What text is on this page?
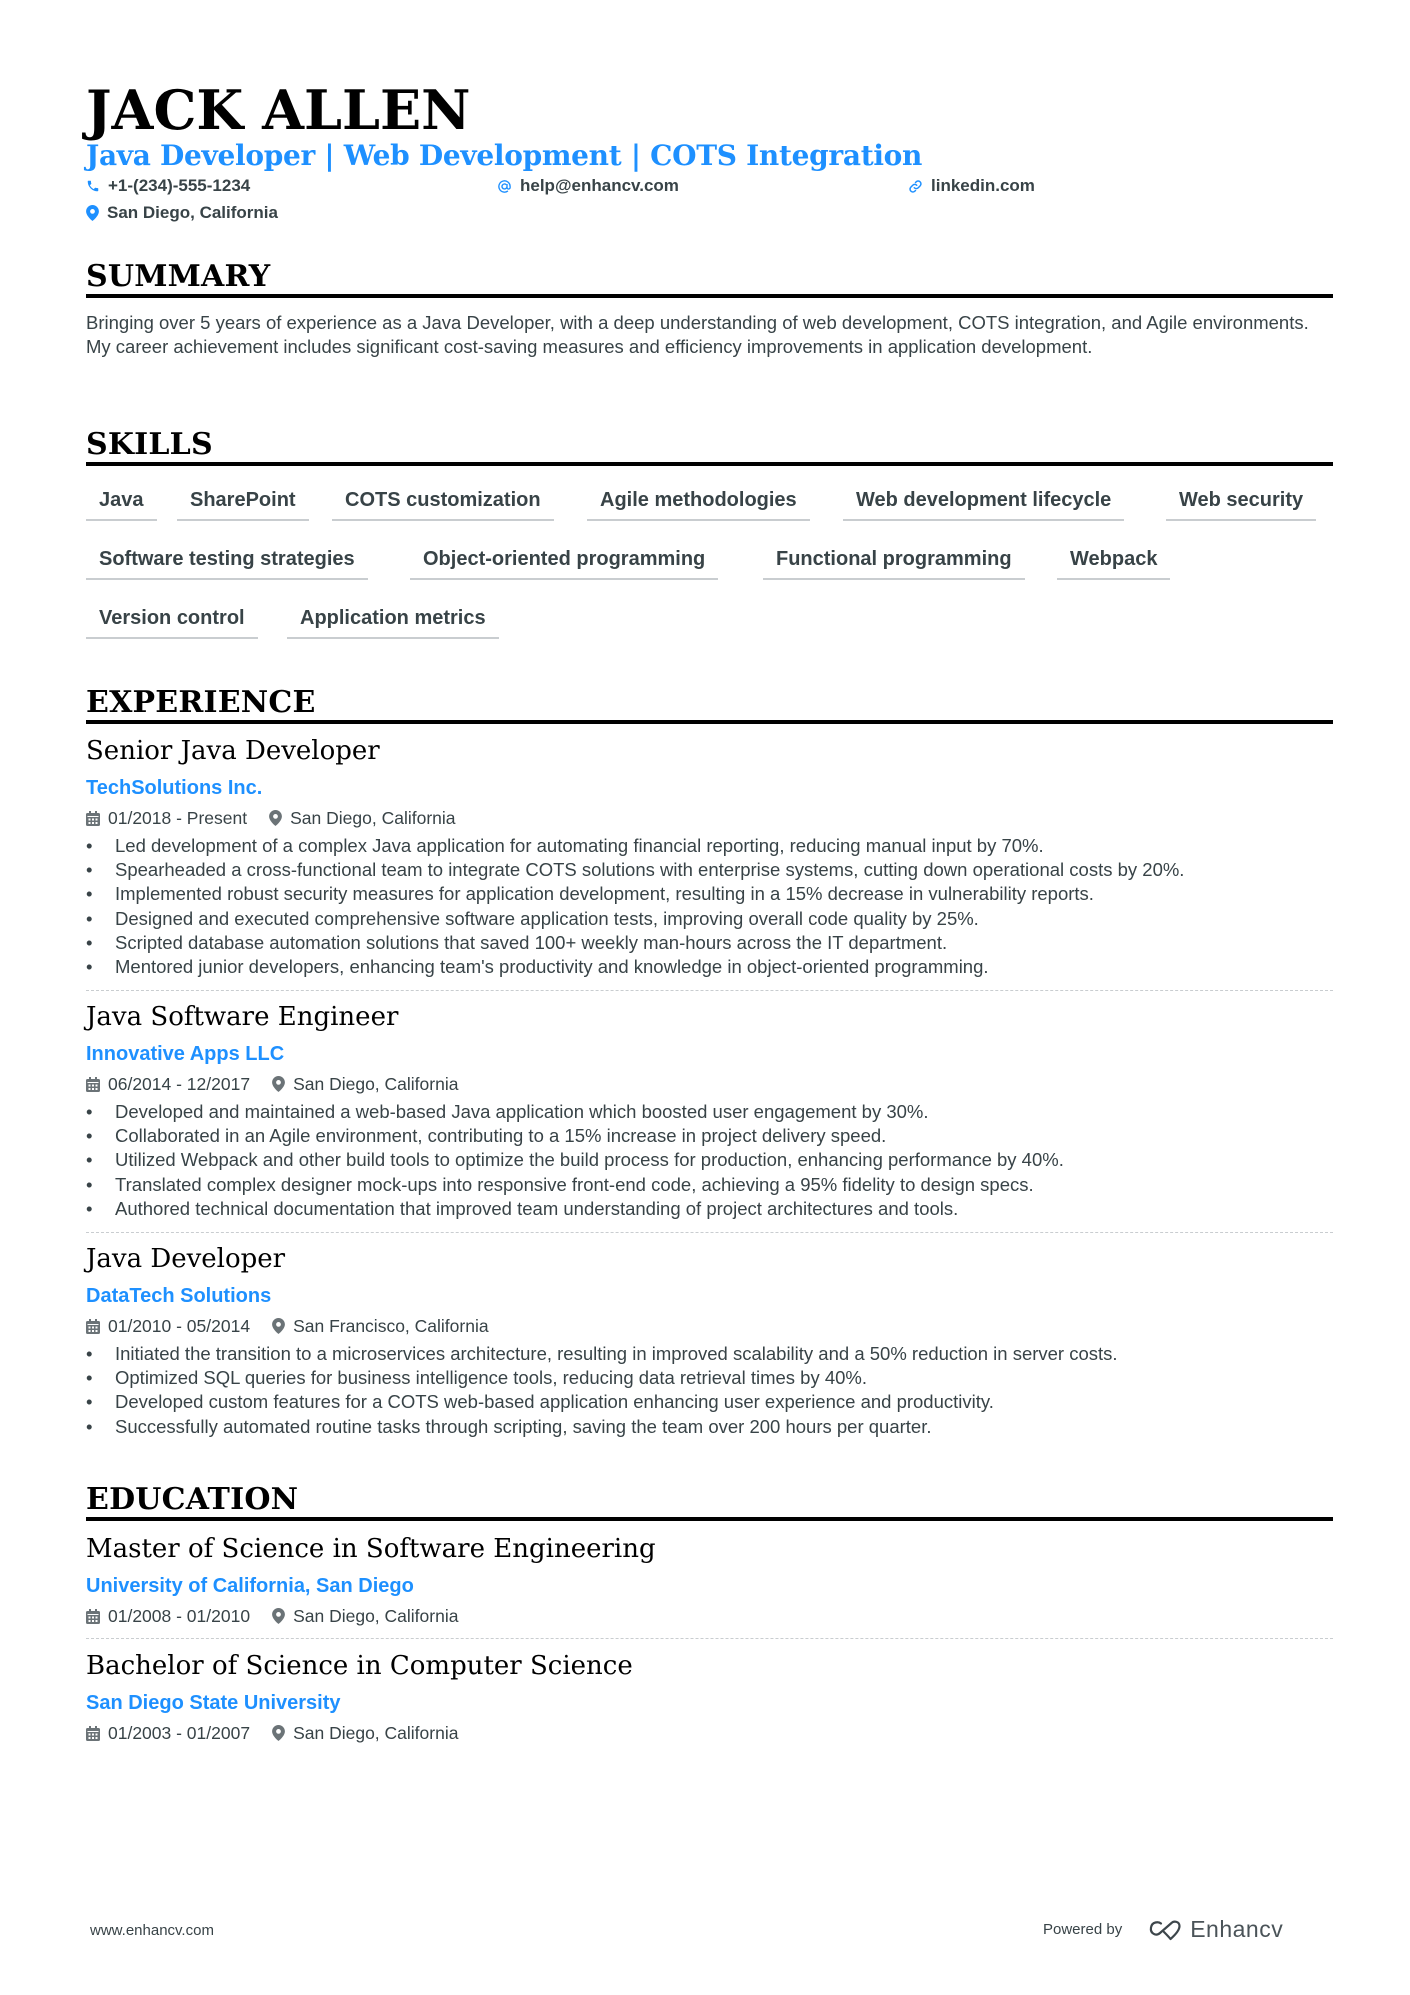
JACK ALLEN
Java Developer | Web Development | COTS Integration
+1-(234)-555-1234	help@enhancv.com	linkedin.com
San Diego, California
SUMMARY
Bringing over 5 years of experience as a Java Developer, with a deep understanding of web development, COTS integration, and Agile environments. My career achievement includes significant cost-saving measures and efficiency improvements in application development.
SKILLS
Java	SharePoint	COTS customization	Agile methodologies	Web development lifecycle	Web security
Software testing strategies	Object-oriented programming	Functional programming	Webpack
Version control	Application metrics
EXPERIENCE
Senior Java Developer
TechSolutions Inc.
01/2018 - Present San Diego, California
• Led development of a complex Java application for automating financial reporting, reducing manual input by 70%.
• Spearheaded a cross-functional team to integrate COTS solutions with enterprise systems, cutting down operational costs by 20%.
• Implemented robust security measures for application development, resulting in a 15% decrease in vulnerability reports.
• Designed and executed comprehensive software application tests, improving overall code quality by 25%.
• Scripted database automation solutions that saved 100+ weekly man-hours across the IT department.
• Mentored junior developers, enhancing team's productivity and knowledge in object-oriented programming.
Java Software Engineer
Innovative Apps LLC
06/2014 - 12/2017 San Diego, California
• Developed and maintained a web-based Java application which boosted user engagement by 30%.
• Collaborated in an Agile environment, contributing to a 15% increase in project delivery speed.
• Utilized Webpack and other build tools to optimize the build process for production, enhancing performance by 40%.
• Translated complex designer mock-ups into responsive front-end code, achieving a 95% fidelity to design specs.
• Authored technical documentation that improved team understanding of project architectures and tools.
Java Developer
DataTech Solutions
01/2010 - 05/2014 San Francisco, California
• Initiated the transition to a microservices architecture, resulting in improved scalability and a 50% reduction in server costs.
• Optimized SQL queries for business intelligence tools, reducing data retrieval times by 40%.
• Developed custom features for a COTS web-based application enhancing user experience and productivity.
• Successfully automated routine tasks through scripting, saving the team over 200 hours per quarter.
EDUCATION
Master of Science in Software Engineering
University of California, San Diego
01/2008 - 01/2010 San Diego, California
Bachelor of Science in Computer Science
San Diego State University
01/2003 - 01/2007 San Diego, California
www.enhancv.com	Powered by	Enhancv
